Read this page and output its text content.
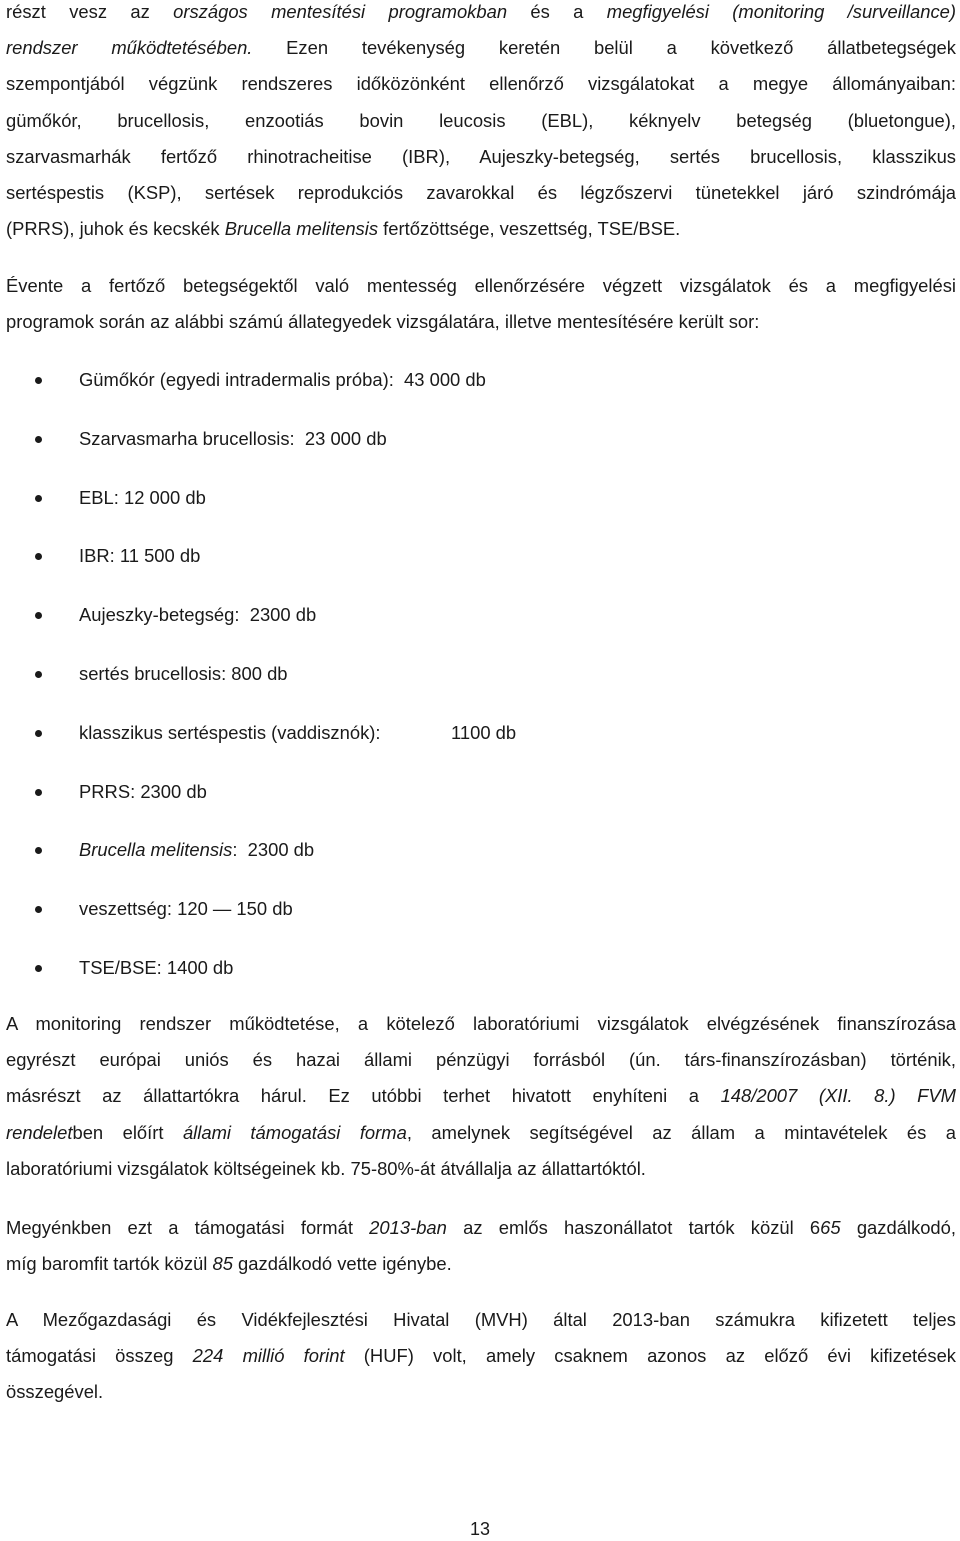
részt vesz az országos mentesítési programokban és a megfigyelési (monitoring /surveillance)
rendszer működtetésében. Ezen tevékenység keretén belül a következő állatbetegségek
szempontjából végzünk rendszeres időközönként ellenőrző vizsgálatokat a megye állományaiban:
gümőkór, brucellosis, enzootiás bovin leucosis (EBL), kéknyelv betegség (bluetongue),
szarvasmarhák fertőző rhinotracheitise (IBR), Aujeszky-betegség, sertés brucellosis, klasszikus
sertéspestis (KSP), sertések reprodukciós zavarokkal és légzőszervi tünetekkel járó szindrómája
(PRRS), juhok és kecskék Brucella melitensis fertőzöttsége, veszettség, TSE/BSE.

Évente a fertőző betegségektől való mentesség ellenőrzésére végzett vizsgálatok és a megfigyelési
programok során az alábbi számú állategyedek vizsgálatára, illetve mentesítésére került sor:

Gümőkór (egyedi intradermalis próba):  43 000 db
Szarvasmarha brucellosis:  23 000 db
EBL: 12 000 db
IBR: 11 500 db
Aujeszky-betegség:  2300 db
sertés brucellosis: 800 db
klasszikus sertéspestis (vaddisznók):	1100 db
PRRS: 2300 db
Brucella melitensis:  2300 db
veszettség: 120 — 150 db
TSE/BSE: 1400 db

A monitoring rendszer működtetése, a kötelező laboratóriumi vizsgálatok elvégzésének finanszírozása
egyrészt európai uniós és hazai állami pénzügyi forrásból (ún. társ-finanszírozásban) történik,
másrészt az állattartókra hárul. Ez utóbbi terhet hivatott enyhíteni a 148/2007 (XII. 8.) FVM
rendeletben előírt állami támogatási forma, amelynek segítségével az állam a mintavételek és a
laboratóriumi vizsgálatok költségeinek kb. 75-80%-át átvállalja az állattartóktól.

Megyénkben ezt a támogatási formát 2013-ban az emlős haszonállatot tartók közül 665 gazdálkodó,
míg baromfit tartók közül 85 gazdálkodó vette igénybe.

A Mezőgazdasági és Vidékfejlesztési Hivatal (MVH) által 2013-ban számukra kifizetett teljes
támogatási összeg 224 millió forint (HUF) volt, amely csaknem azonos az előző évi kifizetések
összegével.

13
